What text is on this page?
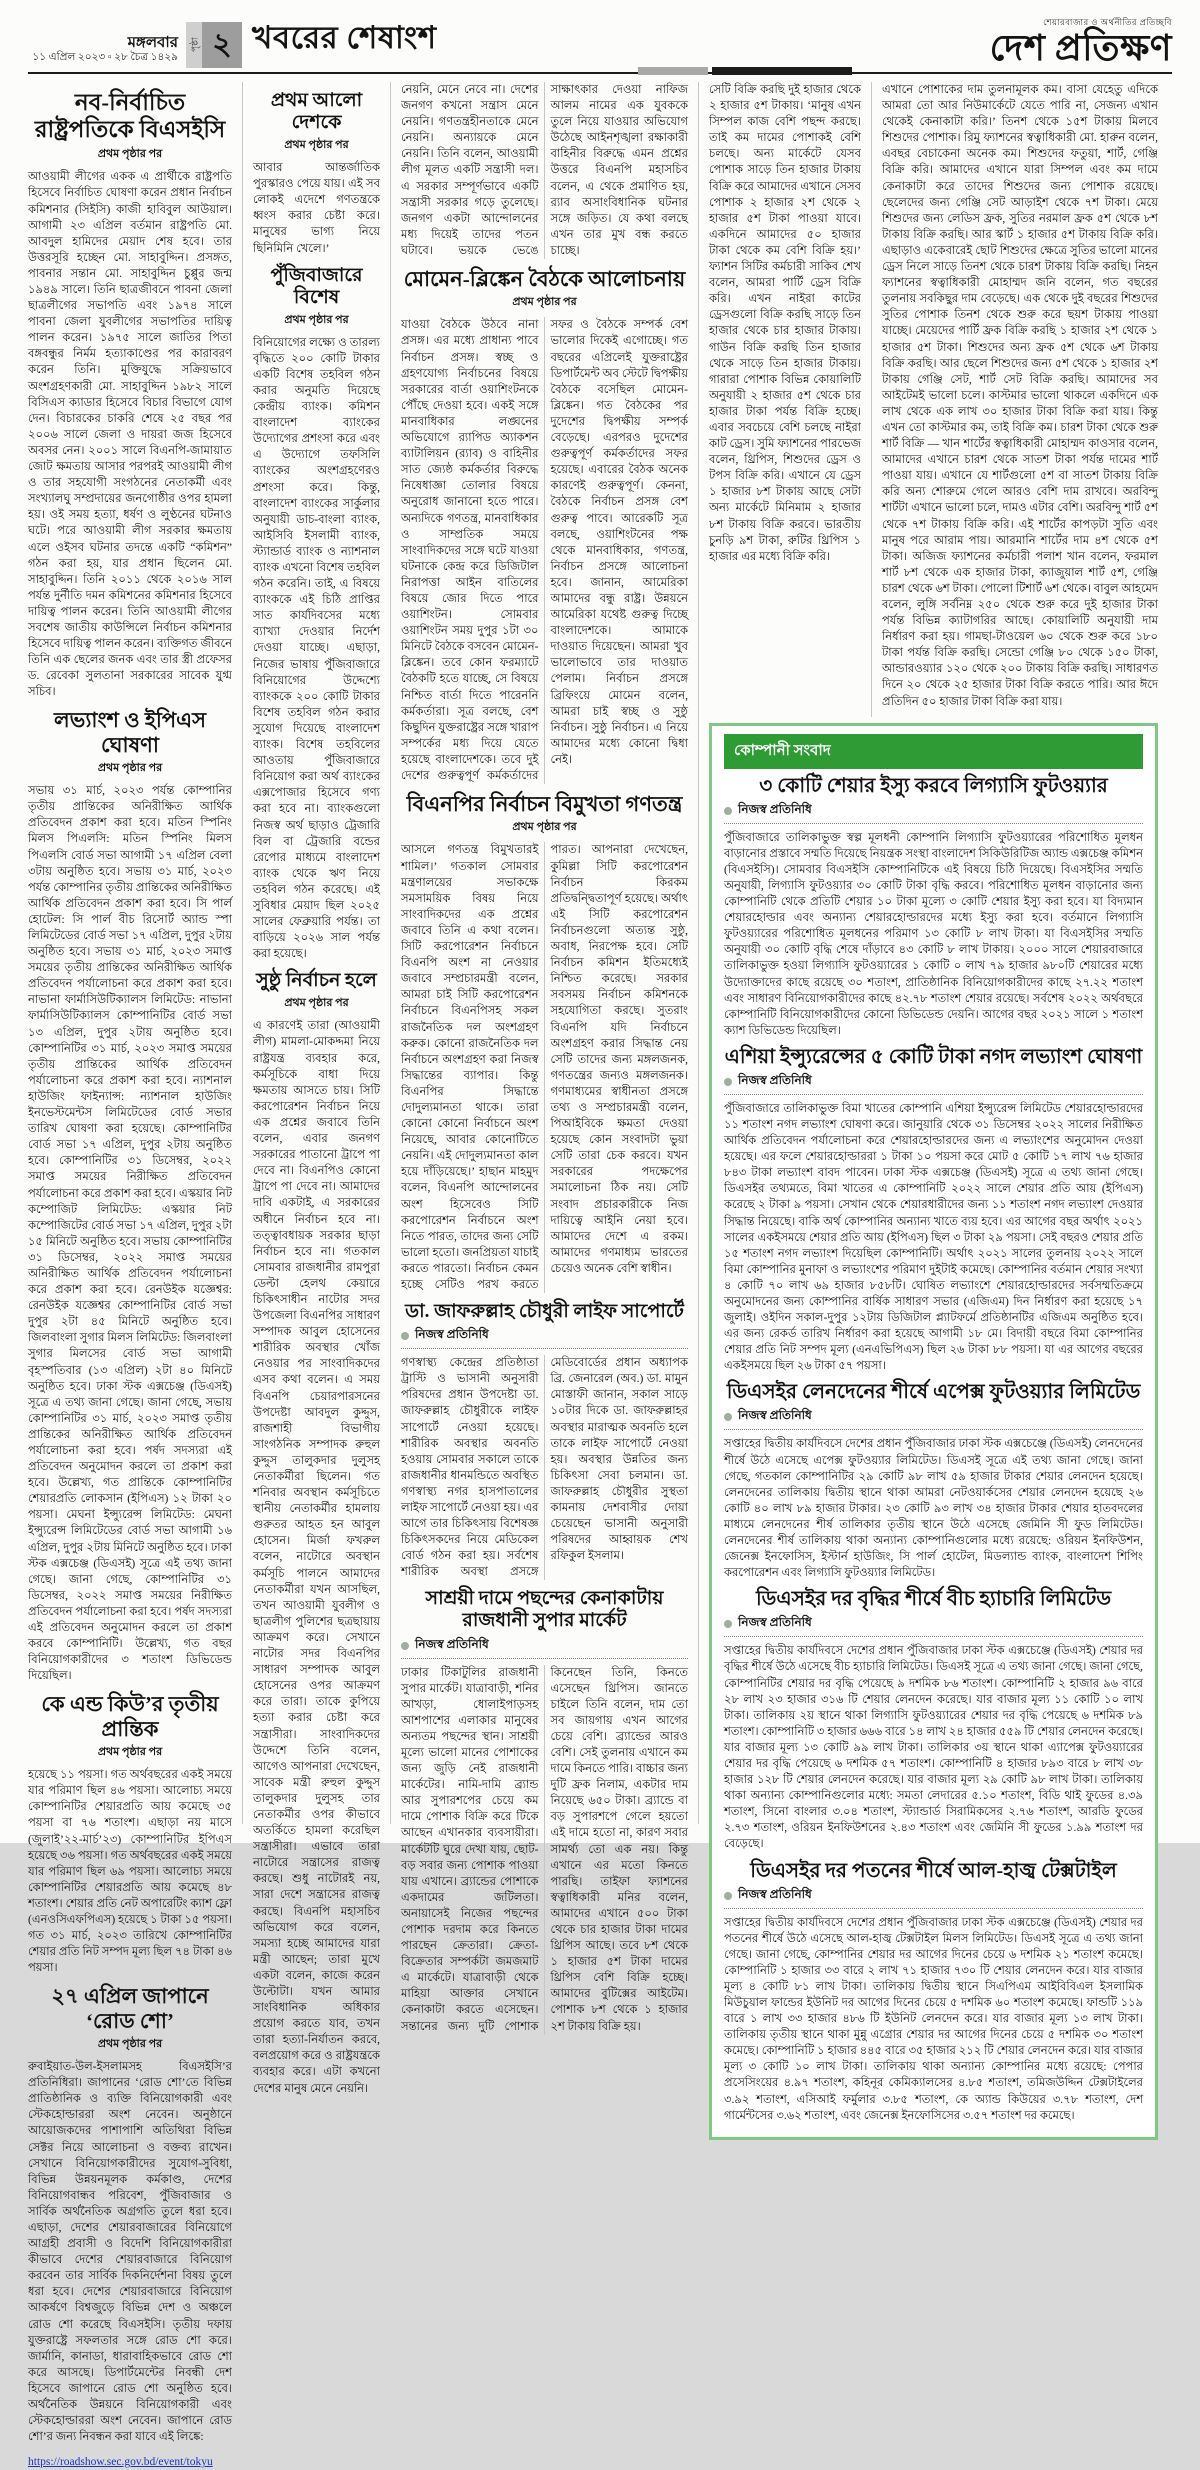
মঙ্গলবার
১১ এপ্রিল ২০২৩ ▫ ২৮ চৈত্র ১৪২৯
পৃষ্ঠা ২ খবরের শেষাংশ	শেয়ারবাজার ও অর্থনীতির প্রতিচ্ছবি
দেশ প্রতিক্ষণ
নব-নির্বাচিত রাষ্ট্রপতিকে বিএসইসি
প্রথম পৃষ্ঠার পর

আওয়ামী লীগের একক এ প্রার্থীকে রাষ্ট্রপতি হিসেবে নির্বাচিত ঘোষণা করেন প্রধান নির্বাচন কমিশনার (সিইসি) কাজী হাবিবুল আউয়াল। আগামী ২৩ এপ্রিল বর্তমান রাষ্ট্রপতি মো. আবদুল হামিদের মেয়াদ শেষ হবে। তার উত্তরসূরি হচ্ছেন মো. সাহাবুদ্দিন। প্রসঙ্গত, পাবনার সন্তান মো. সাহাবুদ্দিন চুপ্পুর জন্ম ১৯৪৯ সালে। তিনি ছাত্রজীবনে পাবনা জেলা ছাত্রলীগের সভাপতি এবং ১৯৭৪ সালে পাবনা জেলা যুবলীগের সভাপতির দায়িত্ব পালন করেন। ১৯৭৫ সালে জাতির পিতা বঙ্গবন্ধুর নির্মম হত্যাকাণ্ডের পর কারাবরণ করেন তিনি। মুক্তিযুদ্ধে সক্রিয়ভাবে অংশগ্রহণকারী মো. সাহাবুদ্দিন ১৯৮২ সালে বিসিএস ক্যাডার হিসেবে বিচার বিভাগে যোগ দেন। বিচারকের চাকরি শেষে ২৫ বছর পর ২০০৬ সালে জেলা ও দায়রা জজ হিসেবে অবসর নেন। ২০০১ সালে বিএনপি-জামায়াত জোট ক্ষমতায় আসার পরপরই আওয়ামী লীগ ও তার সহযোগী সংগঠনের নেতাকর্মী এবং সংখ্যালঘু সম্প্রদায়ের জনগোষ্ঠীর ওপর হামলা হয়। ওই সময় হত্যা, ধর্ষণ ও লুণ্ঠনের ঘটনাও ঘটে। পরে আওয়ামী লীগ সরকার ক্ষমতায় এলে ওইসব ঘটনার তদন্তে একটি “কমিশন” গঠন করা হয়, যার প্রধান ছিলেন মো. সাহাবুদ্দিন। তিনি ২০১১ থেকে ২০১৬ সাল পর্যন্ত দুর্নীতি দমন কমিশনের কমিশনার হিসেবে দায়িত্ব পালন করেন। তিনি আওয়ামী লীগের সবশেষ জাতীয় কাউন্সিলে নির্বাচন কমিশনার হিসেবে দায়িত্ব পালন করেন। ব্যক্তিগত জীবনে তিনি এক ছেলের জনক এবং তার স্ত্রী প্রফেসর ড. রেবেকা সুলতানা সরকারের সাবেক যুগ্ম সচিব।

লভ্যাংশ ও ইপিএস ঘোষণা
প্রথম পৃষ্ঠার পর

সভায় ৩১ মার্চ, ২০২৩ পর্যন্ত কোম্পানির তৃতীয় প্রান্তিকের অনিরীক্ষিত আর্থিক প্রতিবেদন প্রকাশ করা হবে। মতিন স্পিনিং মিলস পিএলসি: মতিন স্পিনিং মিলস পিএলসি বোর্ড সভা আগামী ১৭ এপ্রিল বেলা ৩টায় অনুষ্ঠিত হবে। সভায় ৩১ মার্চ, ২০২৩ পর্যন্ত কোম্পানির তৃতীয় প্রান্তিকের অনিরীক্ষিত আর্থিক প্রতিবেদন প্রকাশ করা হবে। সি পার্ল হোটেল: সি পার্ল বীচ রিসোর্ট অ্যান্ড স্পা লিমিটেডের বোর্ড সভা ১৭ এপ্রিল, দুপুর ২টায় অনুষ্ঠিত হবে। সভায় ৩১ মার্চ, ২০২৩ সমাপ্ত সময়ের তৃতীয় প্রান্তিকের অনিরীক্ষিত আর্থিক প্রতিবেদন পর্যালোচনা করে প্রকাশ করা হবে। নাভানা ফার্মাসিউটিক্যালস লিমিটেড: নাভানা ফার্মাসিউটিক্যালস কোম্পানিটির বোর্ড সভা ১৩ এপ্রিল, দুপুর ২টায় অনুষ্ঠিত হবে। কোম্পানিটির ৩১ মার্চ, ২০২৩ সমাপ্ত সময়ের তৃতীয় প্রান্তিকের আর্থিক প্রতিবেদন পর্যালোচনা করে প্রকাশ করা হবে। ন্যাশনাল হাউজিং ফাইন্যান্স: ন্যাশনাল হাউজিং ইনভেস্টমেন্টস লিমিটেডের বোর্ড সভার তারিখ ঘোষণা করা হয়েছে। কোম্পানিটির বোর্ড সভা ১৭ এপ্রিল, দুপুর ২টায় অনুষ্ঠিত হবে। কোম্পানিটির ৩১ ডিসেম্বর, ২০২২ সমাপ্ত সময়ের নিরীক্ষিত প্রতিবেদন পর্যালোচনা করে প্রকাশ করা হবে। এস্কয়ার নিট কম্পোজিট লিমিটেড: এস্কয়ার নিট কম্পোজিটের বোর্ড সভা ১৭ এপ্রিল, দুপুর ২টা ১৫ মিনিটে অনুষ্ঠিত হবে। সভায় কোম্পানিটির ৩১ ডিসেম্বর, ২০২২ সমাপ্ত সময়ের অনিরীক্ষিত আর্থিক প্রতিবেদন পর্যালোচনা করে প্রকাশ করা হবে। রেনউইক যজ্ঞেশ্বর: রেনউইক যজ্ঞেশ্বর কোম্পানিটির বোর্ড সভা দুপুর ২টা ৪৫ মিনিটে অনুষ্ঠিত হবে। জিলবাংলা সুগার মিলস লিমিটেড: জিলবাংলা সুগার মিলসের বোর্ড সভা আগামী বৃহস্পতিবার (১৩ এপ্রিল) ২টা ৪০ মিনিটে অনুষ্ঠিত হবে। ঢাকা স্টক এক্সচেঞ্জ (ডিএসই) সূত্রে এ তথ্য জানা গেছে। জানা গেছে, সভায় কোম্পানিটির ৩১ মার্চ, ২০২৩ সমাপ্ত তৃতীয় প্রান্তিকের অনিরীক্ষিত আর্থিক প্রতিবেদন পর্যালোচনা করা হবে। পর্ষদ সদস্যরা এই প্রতিবেদন অনুমোদন করলে তা প্রকাশ করা হবে। উল্লেখ্য, গত প্রান্তিকে কোম্পানিটির শেয়ারপ্রতি লোকসান (ইপিএস) ১২ টাকা ২০ পয়সা। মেঘনা ইন্স্যুরেন্স লিমিটেড: মেঘনা ইন্স্যুরেন্স লিমিটেডের বোর্ড সভা আগামী ১৬ এপ্রিল, দুপুর ২টায় মিনিটে অনুষ্ঠিত হবে। ঢাকা স্টক এক্সচেঞ্জ (ডিএসই) সূত্রে এই তথ্য জানা গেছে। জানা গেছে, কোম্পানিটির ৩১ ডিসেম্বর, ২০২২ সমাপ্ত সময়ের নিরীক্ষিত প্রতিবেদন পর্যালোচনা করা হবে। পর্ষদ সদস্যরা এই প্রতিবেদন অনুমোদন করলে তা প্রকাশ করবে কোম্পানিটি। উল্লেখ্য, গত বছর বিনিয়োগকারীদের ৩ শতাংশ ডিভিডেন্ড দিয়েছিল।

কে এন্ড কিউ’র তৃতীয় প্রান্তিক
প্রথম পৃষ্ঠার পর

হয়েছে ১১ পয়সা। গত অর্থবছরের একই সময়ে যার পরিমাণ ছিল ৪৬ পয়সা। আলোচ্য সময়ে কোম্পানিটির শেয়ারপ্রতি আয় কমেছে ৩৫ পয়সা বা ৭৬ শতাংশ। এছাড়া নয় মাসে (জুলাই’২২-মার্চ’২৩) কোম্পানিটির ইপিএস হয়েছে ৩৬ পয়সা। গত অর্থবছরের একই সময়ে যার পরিমাণ ছিল ৬৯ পয়সা। আলোচ্য সময়ে কোম্পানিটির শেয়ারপ্রতি আয় কমেছে ৪৮ শতাংশ। শেয়ার প্রতি নেট অপারেটিং ক্যাশ ফ্লো (এনওসিএফপিএস) হয়েছে ১ টাকা ১৫ পয়সা। গত ৩১ মার্চ, ২০২৩ তারিখে কোম্পানিটির শেয়ার প্রতি নিট সম্পদ মূল্য ছিল ৭৪ টাকা ৪৬ পয়সা।

২৭ এপ্রিল জাপানে ‘রোড শো’
প্রথম পৃষ্ঠার পর

রুবাইয়াত-উল-ইসলামসহ বিএসইসি’র প্রতিনিধিরা। জাপানের ‘রোড শো’তে বিভিন্ন প্রাতিষ্ঠানিক ও ব্যক্তি বিনিয়োগকারী এবং স্টেকহোল্ডাররা অংশ নেবেন। অনুষ্ঠানে আয়োজকদের পাশাপাশি অতিথিরা বিভিন্ন সেক্টর নিয়ে আলোচনা ও বক্তব্য রাখেন। সেখানে বিনিয়োগকারীদের সুযোগ-সুবিধা, বিভিন্ন উন্নয়নমূলক কর্মকাণ্ড, দেশের বিনিয়োগবান্ধব পরিবেশ, পুঁজিবাজার ও সার্বিক অর্থনৈতিক অগ্রগতি তুলে ধরা হবে। এছাড়া, দেশের শেয়ারবাজারের বিনিয়োগে আগ্রহী প্রবাসী ও বিদেশি বিনিয়োগকারীরা কীভাবে দেশের শেয়ারবাজারে বিনিয়োগ করবেন তার সার্বিক দিকনির্দেশনা বিষয় তুলে ধরা হবে। দেশের শেয়ারবাজারে বিনিয়োগ আকর্ষণে বিশ্বজুড়ে বিভিন্ন দেশ ও অঞ্চলে রোড শো করেছে বিএসইসি। তৃতীয় দফায় যুক্তরাষ্ট্রে সফলতার সঙ্গে রোড শো করে। জার্মানি, কানাডা, ধারাবাহিকভাবে রোড শো করে আসছে। ডিপার্টমেন্টের নিবন্ধী দেশ হিসেবে জাপানে রোড শো অনুষ্ঠিত হবে। অর্থনৈতিক উন্নয়নে বিনিয়োগকারী এবং স্টেকহোল্ডাররা অংশ নেবেন। জাপানে রোড শো’র জন্য নিবন্ধন করা যাবে এই লিঙ্কে:

https://roadshow.sec.gov.bd/event/tokyu
প্রথম আলো দেশকে
প্রথম পৃষ্ঠার পর

আবার আন্তর্জাতিক পুরস্কারও পেয়ে যায়। এই সব লোকই এদেশে গণতন্ত্রকে ধ্বংস করার চেষ্টা করে। মানুষের ভাগ্য নিয়ে ছিনিমিনি খেলে।’

পুঁজিবাজারে বিশেষ
প্রথম পৃষ্ঠার পর

বিনিয়োগের লক্ষ্যে ও তারল্য বৃদ্ধিতে ২০০ কোটি টাকার একটি বিশেষ তহবিল গঠন করার অনুমতি দিয়েছে কেন্দ্রীয় ব্যাংক। কমিশন বাংলাদেশ ব্যাংকের উদ্যোগের প্রশংসা করে এবং এ উদ্যোগে তফসিলি ব্যাংকের অংশগ্রহণেরও প্রশংসা করে। কিন্তু, বাংলাদেশ ব্যাংকের সার্কুলার অনুযায়ী ডাচ-বাংলা ব্যাংক, আইসিবি ইসলামী ব্যাংক, স্ট্যান্ডার্ড ব্যাংক ও ন্যাশনাল ব্যাংক এখনো বিশেষ তহবিল গঠন করেনি। তাই, এ বিষয়ে ব্যাংককে এই চিঠি প্রাপ্তির সাত কার্যদিবসের মধ্যে ব্যাখ্যা দেওয়ার নির্দেশ দেওয়া যাচ্ছে। এছাড়া, নিজের ভাষায় পুঁজিবাজারে বিনিয়োগের উদ্দেশ্যে ব্যাংককে ২০০ কোটি টাকার বিশেষ তহবিল গঠন করার সুযোগ দিয়েছে বাংলাদেশ ব্যাংক। বিশেষ তহবিলের আওতায় পুঁজিবাজারে বিনিয়োগ করা অর্থ ব্যাংকের এক্সপোজার হিসেবে গণ্য করা হবে না। ব্যাংকগুলো নিজস্ব অর্থ ছাড়াও ট্রেজারি বিল বা ট্রেজারি বন্ডের রেপোর মাধ্যমে বাংলাদেশ ব্যাংক থেকে ঋণ নিয়ে তহবিল গঠন করেছে। এই সুবিধার মেয়াদ ছিল ২০২৫ সালের ফেব্রুয়ারি পর্যন্ত। তা বাড়িয়ে ২০২৬ সাল পর্যন্ত করা হয়েছে।

সুষ্ঠু নির্বাচন হলে
প্রথম পৃষ্ঠার পর

এ কারণেই তারা (আওয়ামী লীগ) মামলা-মোকদ্দমা নিয়ে রাষ্ট্রযন্ত্র ব্যবহার করে, কর্মসূচিকে বাধা দিয়ে ক্ষমতায় আসতে চায়। সিটি করপোরেশন নির্বাচন নিয়ে এক প্রশ্নের জবাবে তিনি বলেন, এবার জনগণ সরকারের পাতানো ট্রাপে পা দেবে না। বিএনপিও কোনো ট্রাপে পা দেবে না। আমাদের দাবি একটাই, এ সরকারের অধীনে নির্বাচন হবে না। তত্ত্বাবধায়ক সরকার ছাড়া নির্বাচন হবে না। গতকাল সোমবার রাজধানীর রামপুরা ডেল্টা হেলথ কেয়ারে চিকিৎসাধীন নাটোর সদর উপজেলা বিএনপির সাধারণ সম্পাদক আবুল হোসেনের শারীরিক অবস্থার খোঁজ নেওয়ার পর সাংবাদিকদের এসব কথা বলেন। এ সময় বিএনপি চেয়ারপারসনের উপদেষ্টা আবদুল কুদ্দুস, রাজশাহী বিভাগীয় সাংগঠনিক সম্পাদক রুহুল কুদ্দুস তালুকদার দুলুসহ নেতাকর্মীরা ছিলেন। গত শনিবার অবস্থান কর্মসূচিতে স্থানীয় নেতাকর্মীর হামলায় গুরুতর আহত হন আবুল হোসেন। মির্জা ফখরুল বলেন, নাটোরে অবস্থান কর্মসূচি পালনে আমাদের নেতাকর্মীরা যখন আসছিল, তখন আওয়ামী যুবলীগ ও ছাত্রলীগ পুলিশের ছত্রছায়ায় আক্রমণ করে। সেখানে নাটোর সদর বিএনপির সাধারণ সম্পাদক আবুল হোসেনের ওপর আক্রমণ করে তারা। তাকে কুপিয়ে হত্যা করার চেষ্টা করে সন্ত্রাসীরা। সাংবাদিকদের উদ্দেশে তিনি বলেন, আগেও আপনারা দেখেছেন, সাবেক মন্ত্রী রুহুল কুদ্দুস তালুকদার দুলুসহ তার নেতাকর্মীর ওপর কীভাবে অতর্কিতে হামলা করেছিল সন্ত্রাসীরা। এভাবে তারা নাটোরে সন্ত্রাসের রাজত্ব করছে। শুধু নাটোরই নয়, সারা দেশে সন্ত্রাসের রাজত্ব করছে। বিএনপি মহাসচিব অভিযোগ করে বলেন, সমস্যা হচ্ছে আমাদের যারা মন্ত্রী আছেন; তারা মুখে একটা বলেন, কাজে করেন উল্টোটা। যখন আমার সাংবিধানিক অধিকার প্রয়োগ করতে যাব, তখন তারা হত্যা-নির্যাতন করবে, বলপ্রয়োগ করে ও রাষ্ট্রযন্ত্রকে ব্যবহার করে। এটা কখনো দেশের মানুষ মেনে নেয়নি।

নেয়নি, মেনে নেবে না। দেশের জনগণ কখনো সন্ত্রাস মেনে নেয়নি। গণতন্ত্রহীনতাকে মেনে নেয়নি। অন্যায়কে মেনে নেয়নি। তিনি বলেন, আওয়ামী লীগ মূলত একটি সন্ত্রাসী দল। এ সরকার সম্পূর্ণভাবে একটি সন্ত্রাসী সরকার গড়ে তুলেছে। জনগণ একটা আন্দোলনের মধ্য দিয়েই তাদের পতন ঘটাবে। ভয়কে ভেঙে সাক্ষাৎকার দেওয়া নাফিজ আলম নামের এক যুবককে তুলে নিয়ে যাওয়ার অভিযোগ উঠেছে আইনশৃঙ্খলা রক্ষাকারী বাহিনীর বিরুদ্ধে এমন প্রশ্নের উত্তরে বিএনপি মহাসচিব বলেন, এ থেকে প্রমাণিত হয়, র‍্যাব অসাংবিধানিক ঘটনার সঙ্গে জড়িত। যে কথা বলছে এখন তার মুখ বন্ধ করতে চাচ্ছে।

মোমেন-ব্লিঙ্কেন বৈঠকে আলোচনায়
প্রথম পৃষ্ঠার পর

যাওয়া বৈঠকে উঠবে নানা প্রসঙ্গ। এর মধ্যে প্রাধান্য পাবে নির্বাচন প্রসঙ্গ। স্বচ্ছ ও গ্রহণযোগ্য নির্বাচনের বিষয়ে সরকারের বার্তা ওয়াশিংটনকে পৌঁছে দেওয়া হবে। একই সঙ্গে মানবাধিকার লঙ্ঘনের অভিযোগে র‍্যাপিড অ্যাকশন ব্যাটালিয়ন (র‍্যাব) ও বাহিনীর সাত জ্যেষ্ঠ কর্মকর্তার বিরুদ্ধে নিষেধাজ্ঞা তোলার বিষয়ে অনুরোধ জানানো হতে পারে। অন্যদিকে গণতন্ত্র, মানবাধিকার ও সাম্প্রতিক সময়ে সাংবাদিকদের সঙ্গে ঘটে যাওয়া ঘটনাকে কেন্দ্র করে ডিজিটাল নিরাপত্তা আইন বাতিলের বিষয়ে জোর দিতে পারে ওয়াশিংটন। সোমবার ওয়াশিংটন সময় দুপুর ১টা ৩০ মিনিটে বৈঠকে বসবেন মোমেন-ব্লিঙ্কেন। তবে কোন ফরম্যাটে বৈঠকটি হতে যাচ্ছে, সে বিষয়ে নিশ্চিত বার্তা দিতে পারেননি কর্মকর্তারা। সূত্র বলছে, বেশ কিছুদিন যুক্তরাষ্ট্রের সঙ্গে খারাপ সম্পর্কের মধ্য দিয়ে যেতে হয়েছে বাংলাদেশকে। তবে দুই দেশের গুরুত্বপূর্ণ কর্মকর্তাদের সফর ও বৈঠকে সম্পর্ক বেশ ভালোর দিকেই এগোচ্ছে। গত বছরের এপ্রিলেই যুক্তরাষ্ট্রের ডিপার্টমেন্ট অব স্টেটে দ্বিপক্ষীয় বৈঠকে বসেছিল মোমেন-ব্লিঙ্কেন। গত বৈঠকের পর দুদেশের দ্বিপক্ষীয় সম্পর্ক বেড়েছে। এরপরও দুদেশের গুরুত্বপূর্ণ কর্মকর্তাদের সফর হয়েছে। এবারের বৈঠক অনেক কারণেই গুরুত্বপূর্ণ। কেননা, বৈঠকে নির্বাচন প্রসঙ্গ বেশ গুরুত্ব পাবে। আরেকটি সূত্র বলছে, ওয়াশিংটনের পক্ষ থেকে মানবাধিকার, গণতন্ত্র, নির্বাচন প্রসঙ্গে আলোচনা হবে। জানান, আমেরিকা আমাদের বন্ধু রাষ্ট্র। উন্নয়নে আমেরিকা যথেষ্ট গুরুত্ব দিচ্ছে বাংলাদেশকে। আমাকে দাওয়াত দিয়েছেন। আমরা খুব ভালোভাবে তার দাওয়াত পেলাম। নির্বাচন প্রসঙ্গে ব্রিফিংয়ে মোমেন বলেন, আমরা চাই স্বচ্ছ ও সুষ্ঠু নির্বাচন। সুষ্ঠু নির্বাচন। এ নিয়ে আমাদের মধ্যে কোনো দ্বিধা নেই।

বিএনপির নির্বাচন বিমুখতা গণতন্ত্র
প্রথম পৃষ্ঠার পর

আসলে গণতন্ত্র বিমুখতারই শামিল।’ গতকাল সোমবার মন্ত্রণালয়ের সভাকক্ষে সমসাময়িক বিষয় নিয়ে সাংবাদিকদের এক প্রশ্নের জবাবে তিনি এ কথা বলেন। সিটি করপোরেশন নির্বাচনে বিএনপি অংশ না নেওয়ার জবাবে সম্প্রচারমন্ত্রী বলেন, আমরা চাই সিটি করপোরেশন নির্বাচনে বিএনপিসহ সকল রাজনৈতিক দল অংশগ্রহণ করুক। কোনো রাজনৈতিক দল নির্বাচনে অংশগ্রহণ করা নিজস্ব সিদ্ধান্তের ব্যাপার। কিন্তু বিএনপির সিদ্ধান্তে দোদুল্যমানতা থাকে। তারা কোনো কোনো নির্বাচনে অংশ নিয়েছে, আবার কোনোটিতে নেয়নি। এই দোদুল্যমানতা কাল হয়ে দাঁড়িয়েছে।’ হাছান মাহমুদ বলেন, বিএনপি আন্দোলনের অংশ হিসেবেও সিটি করপোরেশন নির্বাচনে অংশ নিতে পারত, তাদের জন্য সেটি ভালো হতো। জনপ্রিয়তা যাচাই করতে পারতো। নির্বাচন কেমন হচ্ছে সেটিও পরখ করতে পারত। আপনারা দেখেছেন, কুমিল্লা সিটি করপোরেশন নির্বাচন কিরকম প্রতিদ্বন্দ্বিতাপূর্ণ হয়েছে। অর্থাৎ এই সিটি করপোরেশন নির্বাচনগুলো অত্যন্ত সুষ্ঠু, অবাধ, নিরপেক্ষ হবে। সেটি নির্বাচন কমিশন ইতিমধ্যেই নিশ্চিত করেছে। সরকার সবসময় নির্বাচন কমিশনকে সহযোগিতা করছে। সুতরাং বিএনপি যদি নির্বাচনে অংশগ্রহণ করার সিদ্ধান্ত নেয় সেটি তাদের জন্য মঙ্গলজনক, গণতন্ত্রের জন্যও মঙ্গলজনক। গণমাধ্যমের স্বাধীনতা প্রসঙ্গে তথ্য ও সম্প্রচারমন্ত্রী বলেন, পিআইবিকে ক্ষমতা দেওয়া হয়েছে কোন সংবাদটা ভুয়া সেটি তারা চেক করবে। যখন সরকারের পদক্ষেপের সমালোচনা ঠিক নয়। সেটি সংবাদ প্রচারকারীকে নিজ দায়িত্বে আইনি নেয়া হবে। আমাদের দেশে এ রকম। আমাদের গণমাধ্যম ভারতের চেয়েও অনেক বেশি স্বাধীন।

ডা. জাফরুল্লাহ চৌধুরী লাইফ সাপোর্টে
নিজস্ব প্রতিনিধি

গণস্বাস্থ্য কেন্দ্রের প্রতিষ্ঠাতা ট্রাস্টি ও ভাসানী অনুসারী পরিষদের প্রধান উপদেষ্টা ডা. জাফরুল্লাহ চৌধুরীকে লাইফ সাপোর্টে নেওয়া হয়েছে। শারীরিক অবস্থার অবনতি হওয়ায় সোমবার সকালে তাকে রাজধানীর ধানমন্ডিতে অবস্থিত গণস্বাস্থ্য নগর হাসপাতালের লাইফ সাপোর্টে নেওয়া হয়। এর আগে তার চিকিৎসায় বিশেষজ্ঞ চিকিৎসকদের নিয়ে মেডিকেল বোর্ড গঠন করা হয়। সর্বশেষ শারীরিক অবস্থা প্রসঙ্গে মেডিবোর্ডের প্রধান অধ্যাপক ব্রি. জেনারেল (অব.) ডা. মামুন মোস্তাফী জানান, সকাল সাড়ে ১০টার দিকে ডা. জাফরুল্লাহর অবস্থার মারাত্মক অবনতি হলে তাকে লাইফ সাপোর্টে নেওয়া হয়। অবস্থার উন্নতির জন্য চিকিৎসা সেবা চলমান। ডা. জাফরুল্লাহ চৌধুরীর সুস্থতা কামনায় দেশবাসীর দোয়া চেয়েছেন ভাসানী অনুসারী পরিষদের আহ্বায়ক শেখ রফিকুল ইসলাম।

সাশ্রয়ী দামে পছন্দের কেনাকাটায় রাজধানী সুপার মার্কেট
নিজস্ব প্রতিনিধি

ঢাকার টিকাটুলির রাজধানী সুপার মার্কেট। যাত্রাবাড়ী, শনির আখড়া, ধোলাইপাড়সহ আশপাশের এলাকার মানুষের অন্যতম পছন্দের স্থান। সাশ্রয়ী মূল্যে ভালো মানের পোশাকের জন্য জুড়ি নেই রাজধানী মার্কেটের। নামি-দামি ব্র্যান্ড আর সুপারশপের চেয়ে কম দামে পোশাক বিক্রি করে টিকে আছেন এখানকার ব্যবসায়ীরা। মার্কেটটি ঘুরে দেখা যায়, ছোট-বড় সবার জন্য পোশাক পাওয়া যায় এখানে। ব্র্যান্ডের পোশাকে একদামের জটিলতা। অনায়াসেই নিজের পছন্দের পোশাক দরদাম করে কিনতে পারছেন ক্রেতারা। ক্রেতা-বিক্রেতার সম্পর্কটা জমজমাট এ মার্কেটে। যাত্রাবাড়ী থেকে মাহিয়া আক্তার সেখানে কেনাকাটা করতে এসেছেন। সন্তানের জন্য দুটি পোশাক কিনেছেন তিনি, কিনতে এসেছেন থ্রিপিস। জানতে চাইলে তিনি বলেন, দাম তো সব জায়গায় এখন আগের চেয়ে বেশি। ব্র্যান্ডের আরও বেশি। সেই তুলনায় এখানে কম দামে কিনতে পারি। বাচ্চার জন্য দুটি ফ্রক নিলাম, একটার দাম নিয়েছে ৬৫০ টাকা। ব্র্যান্ডে বা বড় সুপারশপে গেলে হয়তো এই দামে হতো না, কারণ সবার সামর্থ্য তো এক নয়। কিন্তু এখানে এর মতো কিনতে পারছি। তাইফা ফ্যাশনের স্বত্বাধিকারী মনির বলেন, আমাদের এখানে ৫০০ টাকা থেকে চার হাজার টাকা দামের থ্রিপিস আছে। তবে ৮শ থেকে ১ হাজার ৫শ টাকা দামের থ্রিপিস বেশি বিক্রি হচ্ছে। আমাদের বুটিক্সের আইটেম। পোশাক ৮শ থেকে ১ হাজার ২শ টাকায় বিক্রি হয়।

সেটি বিক্রি করছি দুই হাজার থেকে ২ হাজার ৫শ টাকায়। ‘মানুষ এখন সিম্পল কাজ বেশি পছন্দ করছে। তাই কম দামের পোশাকই বেশি চলছে। অন্য মার্কেটে যেসব পোশাক সাড়ে তিন হাজার টাকায় বিক্রি করে আমাদের এখানে সেসব পোশাক ২ হাজার ২শ থেকে ২ হাজার ৫শ টাকা পাওয়া যাবে। একদিনে আমাদের ৫০ হাজার টাকা থেকে কম বেশি বিক্রি হয়।’ ফ্যাশন সিটির কর্মচারী সাকিব শেখ বলেন, আমরা পার্টি ড্রেস বিক্রি করি। এখন নাইরা কাটের ড্রেসগুলো বিক্রি করছি সাড়ে তিন হাজার থেকে চার হাজার টাকায়। গাউন বিক্রি করছি তিন হাজার থেকে সাড়ে তিন হাজার টাকায়। গারারা পোশাক বিভিন্ন কোয়ালিটি অনুযায়ী ২ হাজার ৫শ থেকে চার হাজার টাকা পর্যন্ত বিক্রি হচ্ছে। এবার সবচেয়ে বেশি চলছে নাইরা কাট ড্রেস। সুমি ফ্যাশনের পারভেজ বলেন, থ্রিপিস, শিশুদের ড্রেস ও টপস বিক্রি করি। এখানে যে ড্রেস ১ হাজার ৮শ টাকায় আছে সেটা অন্য মার্কেটে মিনিমাম ২ হাজার ৮শ টাকায় বিক্রি করবে। ভারতীয় চুনড়ি ৯শ টাকা, রুটির থ্রিপিস ১ হাজার এর মধ্যে বিক্রি করি।

এখানে পোশাকের দাম তুলনামূলক কম। বাসা যেহেতু এদিকে আমরা তো আর নিউমার্কেটে যেতে পারি না, সেজন্য এখান থেকেই কেনাকাটা করি।’ তিনশ থেকে ১৫শ টাকায় মিলবে শিশুদের পোশাক। রিমু ফ্যাশনের স্বত্বাধিকারী মো. হারুন বলেন, এবছর বেচাকেনা অনেক কম। শিশুদের ফতুয়া, শার্ট, গেঞ্জি বিক্রি করি। আমাদের এখানে যারা সিম্পল এবং কম দামে কেনাকাটা করে তাদের শিশুদের জন্য পোশাক রয়েছে। ছেলেদের জন্য গেঞ্জি সেট আড়াইশ থেকে ৭শ টাকা। মেয়ে শিশুদের জন্য লেডিস ফ্রক, সুতির নরমাল ফ্রক ৫শ থেকে ৮শ টাকায় বিক্রি করছি। আর স্কার্ট ১ হাজার ৫শ টাকায় বিক্রি করি। এছাড়াও একেবারেই ছোট শিশুদের ক্ষেত্রে সুতির ভালো মানের ড্রেস নিলে সাড়ে তিনশ থেকে চারশ টাকায় বিক্রি করছি। নিহন ফ্যাশনের স্বত্বাধিকারী মোহাম্মদ জনি বলেন, গত বছরের তুলনায় সবকিছুর দাম বেড়েছে। এক থেকে দুই বছরের শিশুদের সুতির পোশাক তিনশ থেকে শুরু করে ছয়শ টাকায় পাওয়া যাচ্ছে। মেয়েদের পার্টি ফ্রক বিক্রি করছি ১ হাজার ২শ থেকে ১ হাজার ৫শ টাকা। শিশুদের অন্য ফ্রক ৫শ থেকে ৬শ টাকায় বিক্রি করছি। আর ছেলে শিশুদের জন্য ৫শ থেকে ১ হাজার ২শ টাকায় গেঞ্জি সেট, শার্ট সেট বিক্রি করছি। আমাদের সব আইটেমই ভালো চলে। কাস্টমার ভালো থাকলে একদিনে এক লাখ থেকে এক লাখ ৩০ হাজার টাকা বিক্রি করা যায়। কিন্তু এখন তো কাস্টমার কম, তাই বিক্রি কম। চারশ টাকা থেকে শুরু শার্ট বিক্রি — খান শার্টের স্বত্বাধিকারী মোহাম্মদ কাওসার বলেন, আমাদের এখানে চারশ থেকে সাতশ টাকা পর্যন্ত দামের শার্ট পাওয়া যায়। এখানে যে শার্টগুলো ৫শ বা সাতশ টাকায় বিক্রি করি অন্য শোরুমে গেলে আরও বেশি দাম রাখবে। অরবিন্দু শার্টটা এখানে ভালো চলে, দামও এটার বেশি। অরবিন্দু শার্ট ৫শ থেকে ৭শ টাকায় বিক্রি করি। এই শার্টের কাপড়টা সুতি এবং মানুষ পরে আরাম পায়। আরমানি শার্টের দাম ৪শ থেকে ৫শ টাকা। অজিজ ফ্যাশনের কর্মচারী পলাশ খান বলেন, ফরমাল শার্ট ৮শ থেকে এক হাজার টাকা, ক্যাজুয়াল শার্ট ৫শ, গেঞ্জি চারশ থেকে ৬শ টাকা। পোলো টিশার্ট ৬শ থেকে। বাবুল আহমেদ বলেন, লুঙ্গি সর্বনিম্ন ২৫০ থেকে শুরু করে দুই হাজার টাকা পর্যন্ত বিভিন্ন ক্যাটাগরির আছে। কোয়ালিটি অনুযায়ী দাম নির্ধারণ করা হয়। গামছা-টাওয়েল ৬০ থেকে শুরু করে ১৮০ টাকা পর্যন্ত বিক্রি করছি। সেন্ডো গেঞ্জি ৮০ থেকে ১৫০ টাকা, আন্ডারওয়্যার ১২০ থেকে ২০০ টাকায় বিক্রি করছি। সাধারণত দিনে ২০ থেকে ২৫ হাজার টাকা বিক্রি করতে পারি। আর ঈদে প্রতিদিন ৫০ হাজার টাকা বিক্রি করা যায়।

কোম্পানী সংবাদ
৩ কোটি শেয়ার ইস্যু করবে লিগ্যাসি ফুটওয়্যার
নিজস্ব প্রতিনিধি

পুঁজিবাজারে তালিকাভুক্ত স্বল্প মূলধনী কোম্পানি লিগ্যাসি ফুটওয়্যারের পরিশোধিত মূলধন বাড়ানোর প্রস্তাবে সম্মতি দিয়েছে নিয়ন্ত্রক সংস্থা বাংলাদেশ সিকিউরিটিজ অ্যান্ড এক্সচেঞ্জ কমিশন (বিএসইসি)। সোমবার বিএসইসি কোম্পানিটিকে এই বিষয়ে চিঠি দিয়েছে। বিএসইসির সম্মতি অনুযায়ী, লিগ্যাসি ফুটওয়্যার ৩০ কোটি টাকা বৃদ্ধি করবে। পরিশোধিত মূলধন বাড়ানোর জন্য কোম্পানিটি থেকে প্রতিটি শেয়ার ১০ টাকা মূল্যে ৩ কোটি শেয়ার ইস্যু করা হবে। যা বিদ্যমান শেয়ারহোল্ডার এবং অন্যান্য শেয়ারহোল্ডারদের মধ্যে ইস্যু করা হবে। বর্তমানে লিগ্যাসি ফুটওয়্যারের পরিশোধিত মূলধনের পরিমাণ ১৩ কোটি ৮ লাখ টাকা। যা বিএসইসির সম্মতি অনুযায়ী ৩০ কোটি বৃদ্ধি শেষে দাঁড়াবে ৪৩ কোটি ৮ লাখ টাকায়। ২০০০ সালে শেয়ারবাজারে তালিকাভুক্ত হওয়া লিগ্যাসি ফুটওয়্যারের ১ কোটি ০ লাখ ৭৯ হাজার ৯৮০টি শেয়ারের মধ্যে উদ্যোক্তাদের কাছে রয়েছে ৩০ শতাংশ, প্রাতিষ্ঠানিক বিনিয়োগকারীদের কাছে ২৭.২২ শতাংশ এবং সাধারণ বিনিয়োগকারীদের কাছে ৪২.৭৮ শতাংশ শেয়ার রয়েছে। সর্বশেষ ২০২২ অর্থবছরে কোম্পানিটি বিনিয়োগকারীদের কোনো ডিভিডেন্ড দেয়নি। আগের বছর ২০২১ সালে ১ শতাংশ ক্যাশ ডিভিডেন্ড দিয়েছিল।

এশিয়া ইন্স্যুরেন্সের ৫ কোটি টাকা নগদ লভ্যাংশ ঘোষণা
নিজস্ব প্রতিনিধি

পুঁজিবাজারে তালিকাভুক্ত বিমা খাতের কোম্পানি এশিয়া ইন্স্যুরেন্স লিমিটেড শেয়ারহোল্ডারদের ১১ শতাংশ নগদ লভ্যাংশ ঘোষণা করে। জানুয়ারি থেকে ৩১ ডিসেম্বর ২০২২ সালের নিরীক্ষিত আর্থিক প্রতিবেদন পর্যালোচনা করে শেয়ারহোল্ডারদের জন্য এ লভ্যাংশের অনুমোদন দেওয়া হয়েছে। এর ফলে শেয়ারহোল্ডাররা ১ টাকা ১০ পয়সা করে মোট ৫ কোটি ১৭ লাখ ৭৬ হাজার ৮৪৩ টাকা লভ্যাংশ বাবদ পাবেন। ঢাকা স্টক এক্সচেঞ্জ (ডিএসই) সূত্রে এ তথ্য জানা গেছে। ডিএসইর তথ্যমতে, বিমা খাতের এ কোম্পানিটি ২০২২ সালে শেয়ার প্রতি আয় (ইপিএস) করেছে ২ টাকা ৯ পয়সা। সেখান থেকে শেয়ারধারীদের জন্য ১১ শতাংশ নগদ লভ্যাংশ দেওয়ার সিদ্ধান্ত নিয়েছে। বাকি অর্থ কোম্পানির অন্যান্য খাতে ব্যয় হবে। এর আগের বছর অর্থাৎ ২০২১ সালের একইসময়ে শেয়ার প্রতি আয় (ইপিএস) ছিল ৩ টাকা ২৯ পয়সা। সেই বছরও শেয়ার প্রতি ১৫ শতাংশ নগদ লভ্যাংশ দিয়েছিল কোম্পানিটি। অর্থাৎ ২০২১ সালের তুলনায় ২০২২ সালে বিমা কোম্পানির মুনাফা ও লভ্যাংশের পরিমাণ দুইটাই কমেছে। কোম্পানির বর্তমান শেয়ার সংখ্যা ৪ কোটি ৭০ লাখ ৬৯ হাজার ৮৫৮টি। ঘোষিত লভ্যাংশে শেয়ারহোল্ডারদের সর্বসম্মতিক্রমে অনুমোদনের জন্য কোম্পানির বার্ষিক সাধারণ সভার (এজিএম) দিন নির্ধারণ করা হয়েছে ১৭ জুলাই। ওইদিন সকাল-দুপুর ১২টায় ডিজিটাল প্ল্যাটফর্মে প্রতিষ্ঠানটির এজিএম অনুষ্ঠিত হবে। এর জন্য রেকর্ড তারিখ নির্ধারণ করা হয়েছে আগামী ১৮ মে। বিদায়ী বছরে বিমা কোম্পানির শেয়ার প্রতি নিট সম্পদ মূল্য (এনএভিপিএস) ছিল ২৬ টাকা ৮৮ পয়সা। যা এর আগের বছরের একইসময়ে ছিল ২৬ টাকা ৫৭ পয়সা।

ডিএসইর লেনদেনের শীর্ষে এপেক্স ফুটওয়্যার লিমিটেড
নিজস্ব প্রতিনিধি

সপ্তাহের দ্বিতীয় কার্যদিবসে দেশের প্রধান পুঁজিবাজার ঢাকা স্টক এক্সচেঞ্জে (ডিএসই) লেনদেনের শীর্ষে উঠে এসেছে এপেক্স ফুটওয়্যার লিমিটেড। ডিএসই সূত্রে এই তথ্য জানা গেছে। জানা গেছে, গতকাল কোম্পানিটির ২৯ কোটি ৯৮ লাখ ৫৯ হাজার টাকার শেয়ার লেনদেন হয়েছে। লেনদেনের তালিকায় দ্বিতীয় স্থানে থাকা আমরা নেটওয়ার্কসের শেয়ার লেনদেন হয়েছে ২৬ কোটি ৪০ লাখ ৮৯ হাজার টাকার। ২৩ কোটি ৯৩ লাখ ৩৪ হাজার টাকার শেয়ার হাতবদলের মাধ্যমে লেনদেনের শীর্ষ তালিকার তৃতীয় স্থানে উঠে এসেছে জেমিনি সী ফুড লিমিটেড। লেনদেনের শীর্ষ তালিকায় থাকা অন্যান্য কোম্পানিগুলোর মধ্যে রয়েছে: ওরিয়ন ইনফিউশন, জেনেক্স ইনফোসিস, ইস্টার্ন হাউজিং, সি পার্ল হোটেল, মিডল্যান্ড ব্যাংক, বাংলাদেশ শিপিং করপোরেশন এবং লিগ্যাসি ফুটওয়্যার লিমিটেড।

ডিএসইর দর বৃদ্ধির শীর্ষে বীচ হ্যাচারি লিমিটেড
নিজস্ব প্রতিনিধি

সপ্তাহের দ্বিতীয় কার্যদিবসে দেশের প্রধান পুঁজিবাজার ঢাকা স্টক এক্সচেঞ্জে (ডিএসই) শেয়ার দর বৃদ্ধির শীর্ষে উঠে এসেছে বীচ হ্যাচারি লিমিটেড। ডিএসই সূত্রে এ তথ্য জানা গেছে। জানা গেছে, কোম্পানিটির শেয়ার দর বৃদ্ধি পেয়েছে ৯ দশমিক ৮৬ শতাংশ। কোম্পানিটি ২ হাজার ৯৬ বারে ২৮ লাখ ২৩ হাজার ৩১৬ টি শেয়ার লেনদেন করেছে। যার বাজার মূল্য ১১ কোটি ১০ লাখ টাকা। তালিকায় ২য় স্থানে থাকা লিগ্যাসি ফুটওয়্যারের শেয়ার দর বৃদ্ধি পেয়েছে ৬ দশমিক ৮৯ শতাংশ। কোম্পানিটি ৩ হাজার ৬৬৬ বারে ১৪ লাখ ২৪ হাজার ৫৫৯ টি শেয়ার লেনদেন করেছে। যার বাজার মূল্য ১৩ কোটি ৯৯ লাখ টাকা। তালিকার ৩য় স্থানে থাকা এ্যাপেক্স ফুটওয়্যারের শেয়ার দর বৃদ্ধি পেয়েছে ৬ দশমিক ৫৭ শতাংশ। কোম্পানিটি ৪ হাজার ৮৯৩ বারে ৮ লাখ ৩৮ হাজার ১২৮ টি শেয়ার লেনদেন করেছে। যার বাজার মূল্য ২৯ কোটি ৯৮ লাখ টাকা। তালিকায় থাকা অন্যান্য কোম্পানিগুলোর মধ্যে: সমতা লেদারের ৫.১০ শতাংশ, বিডি থাই ফুডের ৪.৩৯ শতাংশ, সিনো বাংলার ৩.০৪ শতাংশ, স্ট্যান্ডার্ড সিরামিকসের ২.৭৬ শতাংশ, আরডি ফুডের ২.৭৩ শতাংশ, ওরিয়ন ইনফিউশনের ২.৪৩ শতাংশ এবং জেমিনি সী ফুডের ১.৯৯ শতাংশ দর বেড়েছে।

ডিএসইর দর পতনের শীর্ষে আল-হাজ্ব টেক্সটাইল
নিজস্ব প্রতিনিধি

সপ্তাহের দ্বিতীয় কার্যদিবসে দেশের প্রধান পুঁজিবাজার ঢাকা স্টক এক্সচেঞ্জে (ডিএসই) শেয়ার দর পতনের শীর্ষে উঠে এসেছে আল-হাজ্ব টেক্সটাইল মিলস লিমিটেড। ডিএসই সূত্রে এ তথ্য জানা গেছে। জানা গেছে, কোম্পানির শেয়ার দর আগের দিনের চেয়ে ৬ দশমিক ২১ শতাংশ কমেছে। কোম্পানিটি ১ হাজার ৩৩ বারে ২ লাখ ৭১ হাজার ৭৩০ টি শেয়ার লেনদেন করে। যার বাজার মূল্য ৪ কোটি ৮১ লাখ টাকা। তালিকায় দ্বিতীয় স্থানে সিএপিএম আইবিবিএল ইসলামিক মিউচুয়াল ফান্ডের ইউনিট দর আগের দিনের চেয়ে ৫ দশমিক ৬০ শতাংশ কমেছে। ফান্ডটি ১১৯ বারে ১ লাখ ৩৩ হাজার ৪৮৬ টি ইউনিট লেনদেন করে। যার বাজার মূল্য ১৩ লাখ টাকা। তালিকায় তৃতীয় স্থানে থাকা মুন্নু এগ্রোর শেয়ার দর আগের দিনের চেয়ে ৫ দশমিক ৩০ শতাংশ কমেছে। কোম্পানিটি ১ হাজার ৪৪৫ বারে ৩৫ হাজার ২১২ টি শেয়ার লেনদেন করে। যার বাজার মূল্য ৩ কোটি ১০ লাখ টাকা। তালিকায় থাকা অন্যান্য কোম্পানির মধ্যে রয়েছে: পেপার প্রসেসিংয়ের ৪.৯৭ শতাংশ, কহিনূর কেমিক্যালসের ৪.৮৫ শতাংশ, তমিজউদ্দিন টেক্সটাইলের ৩.৯২ শতাংশ, এসিআই ফর্মুলার ৩.৮৫ শতাংশ, কে অ্যান্ড কিউয়ের ৩.৭৮ শতাংশ, দেশ গার্মেন্টসের ৩.৬২ শতাংশ, এবং জেনেক্স ইনফোসিসের ৩.৫৭ শতাংশ দর কমেছে।
